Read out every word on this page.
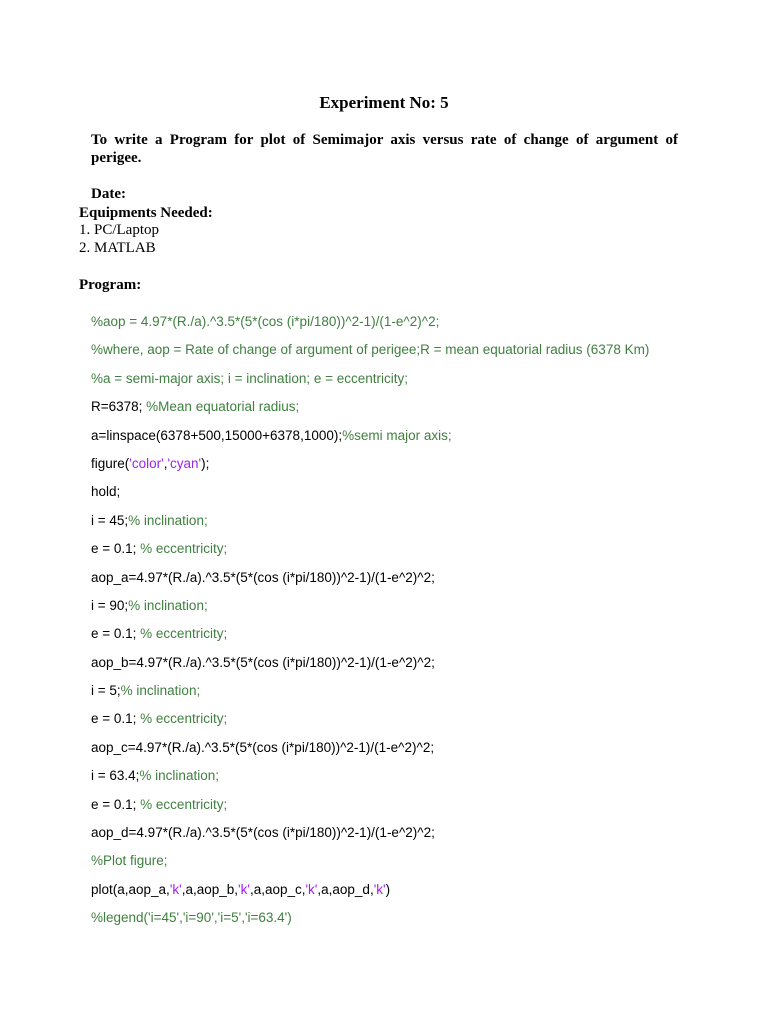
Experiment No: 5
To write a Program for plot of Semimajor axis versus rate of change of argument of perigee.
Date:
Equipments Needed:
1. PC/Laptop
2. MATLAB
Program:
%aop = 4.97*(R./a).^3.5*(5*(cos (i*pi/180))^2-1)/(1-e^2)^2;
%where, aop = Rate of change of argument of perigee;R = mean equatorial radius (6378 Km)
%a = semi-major axis; i = inclination; e = eccentricity;
R=6378; %Mean equatorial radius;
a=linspace(6378+500,15000+6378,1000);%semi major axis;
figure('color','cyan');
hold;
i = 45;% inclination;
e = 0.1; % eccentricity;
aop_a=4.97*(R./a).^3.5*(5*(cos (i*pi/180))^2-1)/(1-e^2)^2;
i = 90;% inclination;
e = 0.1; % eccentricity;
aop_b=4.97*(R./a).^3.5*(5*(cos (i*pi/180))^2-1)/(1-e^2)^2;
i = 5;% inclination;
e = 0.1; % eccentricity;
aop_c=4.97*(R./a).^3.5*(5*(cos (i*pi/180))^2-1)/(1-e^2)^2;
i = 63.4;% inclination;
e = 0.1; % eccentricity;
aop_d=4.97*(R./a).^3.5*(5*(cos (i*pi/180))^2-1)/(1-e^2)^2;
%Plot figure;
plot(a,aop_a,'k',a,aop_b,'k',a,aop_c,'k',a,aop_d,'k')
%legend('i=45','i=90','i=5','i=63.4')
